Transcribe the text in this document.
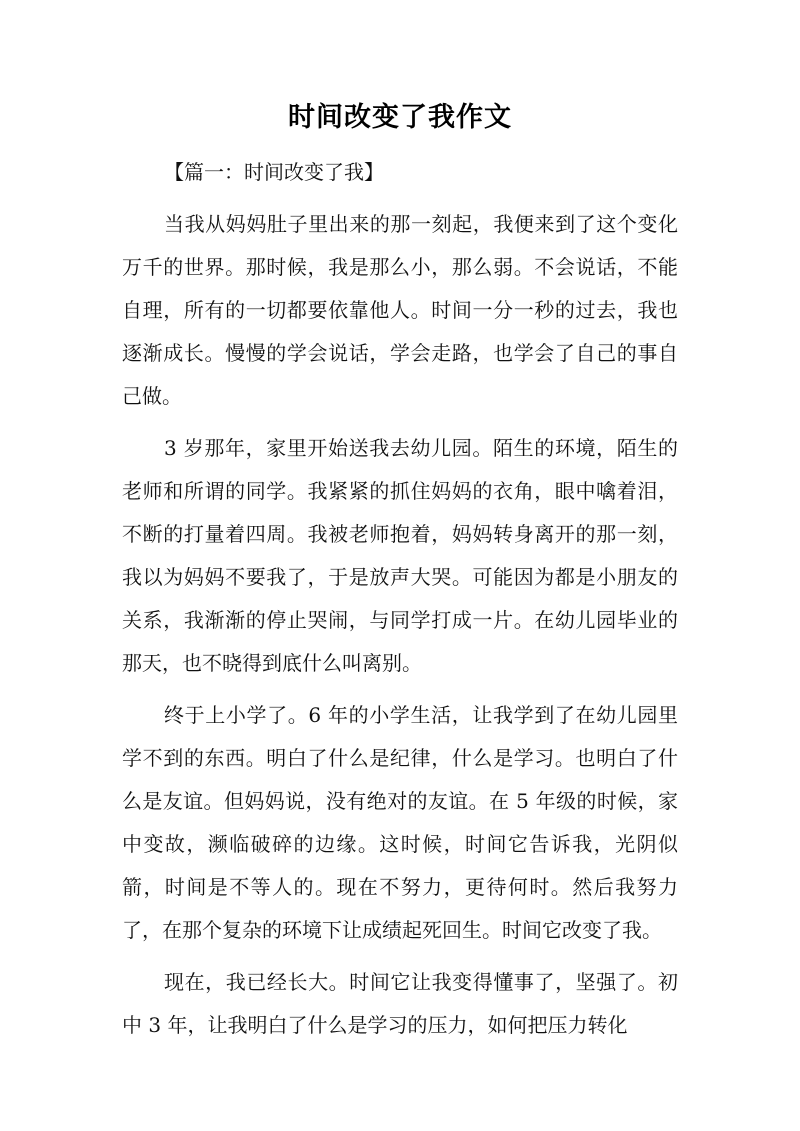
时间改变了我作文

【篇一：时间改变了我】

当我从妈妈肚子里出来的那一刻起，我便来到了这个变化万千的世界。那时候，我是那么小，那么弱。不会说话，不能自理，所有的一切都要依靠他人。时间一分一秒的过去，我也逐渐成长。慢慢的学会说话，学会走路，也学会了自己的事自己做。

3 岁那年，家里开始送我去幼儿园。陌生的环境，陌生的老师和所谓的同学。我紧紧的抓住妈妈的衣角，眼中噙着泪，不断的打量着四周。我被老师抱着，妈妈转身离开的那一刻，我以为妈妈不要我了，于是放声大哭。可能因为都是小朋友的关系，我渐渐的停止哭闹，与同学打成一片。在幼儿园毕业的那天，也不晓得到底什么叫离别。

终于上小学了。6 年的小学生活，让我学到了在幼儿园里学不到的东西。明白了什么是纪律，什么是学习。也明白了什么是友谊。但妈妈说，没有绝对的友谊。在 5 年级的时候，家中变故，濒临破碎的边缘。这时候，时间它告诉我，光阴似箭，时间是不等人的。现在不努力，更待何时。然后我努力了，在那个复杂的环境下让成绩起死回生。时间它改变了我。

现在，我已经长大。时间它让我变得懂事了，坚强了。初中 3 年，让我明白了什么是学习的压力，如何把压力转化
